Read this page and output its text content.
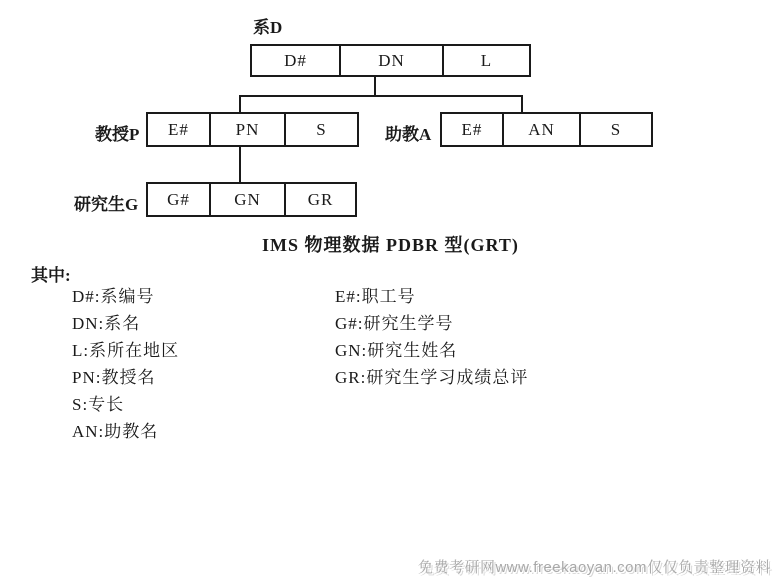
系D
D#	DN	L
教授P	E#	PN	S	助教A	E#	AN	S
研究生G	G#	GN	GR
IMS 物理数据 PDBR 型(GRT)
其中:
D#:系编号
DN:系名
L:系所在地区
PN:教授名
S:专长
AN:助教名
E#:职工号
G#:研究生学号
GN:研究生姓名
GR:研究生学习成绩总评
免费考研网www.freekaoyan.com仅仅负责整理资料
